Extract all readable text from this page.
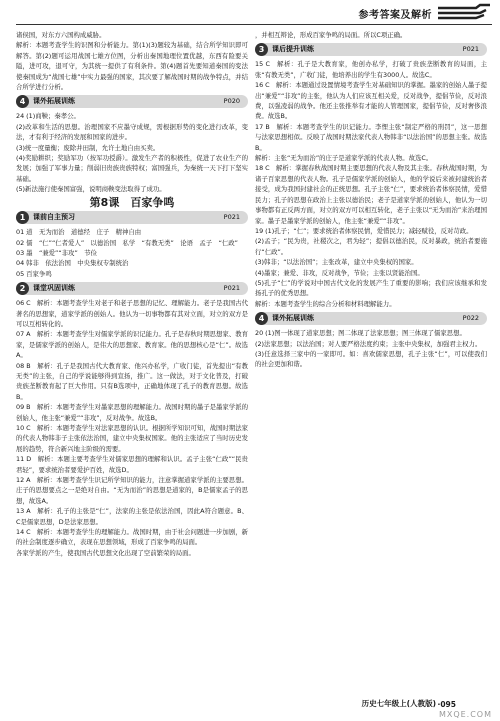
参考答案及解析

诸侯国，对东方六国构成威胁。

解析：本题考查学生的识图和分析能力。第(1)(3)题较为基础，结合所学知识即可解答。第(2)题可运用战国七雄方位图，分析出秦国地理位置优越，东西有险要关隘，进可攻，退可守，为其统一提供了有利条件。第(4)题首先要知道秦国的变法使秦国成为“战国七雄”中实力最强的国家，其次要了解战国时期的战争特点，并结合所学进行分析。

4	课外拓展训练	P020

24 (1)商鞅；秦孝公。

(2)改革和生活的思想。治理国家不应墨守成规，需根据形势的变化进行改革，变法，才有利于经济的发展和国家的进步。

(3)统一度量衡；废除井田制，允许土地自由买卖。

(4)奖励耕织；奖励军功（按军功授爵）。激发生产者的积极性，促进了农业生产的发展；加强了军事力量；削弱旧贵族贵族特权；富国强兵，为秦统一天下打下坚实基础。

(5)新法施行使秦国富强，说明商鞅变法取得了成功。

第8课　百家争鸣
1	课前自主预习	P021

01 道　无为而治　道德经　庄子　精神自由

02 儒　“仁”“仁者爱人”　以德治国　私学　“有教无类”　论语　孟子　“仁政”

03 墨　“兼爱”“非攻”　节俭

04 韩非　依法治国　中央集权专制统治

05 百家争鸣

2	课堂巩固训练	P021

06 C　解析：本题考查学生对老子和老子思想的记忆、理解能力。老子是我国古代著名的思想家，道家学派的创始人。他认为一切事物都有其对立面，对立的双方是可以互相转化的。

07 A　解析：本题考查学生对儒家学派的识记能力。孔子是春秋时期思想家、教育家，是儒家学派的创始人，是伟大的思想家、教育家。他的思想核心是“仁”。故选A。

08 B　解析：孔子是我国古代大教育家、他兴办私学，广收门徒，首先提出“有教无类”的主张，自己的学说能够得到宣扬，推广。这一做法，对于文化普及，打破贵族垄断教育起了巨大作用。只有B选项中，正确地体现了孔子的教育思想。故选B。

09 B　解析：本题考查学生对墨家思想的理解能力。战国时期的墨子是墨家学派的创始人，他主张“兼爱”“非攻”，反对战争。故选B。

10 C　解析：本题考查学生对法家思想的认识。根据所学知识可知，战国时期法家的代表人物韩非子主张依法治国，建立中央集权国家。他的主张适应了当时历史发展的趋势，符合新兴地主阶级的需要。

11 D　解析：本题主要考查学生对儒家思想的理解和认识。孟子主张“仁政”“民贵君轻”，要求统治者要爱护百姓，故选D。

12 A　解析：本题考查学生识记所学知识的能力，注意掌握道家学派的主要思想。庄子的思想要点之一是绝对自由。“无为而治”的思想是道家的，B是儒家孟子的思想，故选A。

13 A　解析：孔子的主张是“仁”，法家的主张是依法治国，因此A符合题意。B、C是儒家思想，D是法家思想。

14 C　解析：本题考查学生的理解能力。战国时期，由于社会问题进一步加剧，新的社会制度逐步确立，表现在思想领域，形成了百家争鸣的局面。

各家学派的产生，使我国古代思想文化出现了空前繁荣的局面。

，并相互辩论，形成百家争鸣的局面。所以C项正确。

3	课后提升训练	P021

15 C　解析：孔子是大教育家，他创办私学，打破了贵族垄断教育的局面，主张“有教无类”，广收门徒，他培养出的学生有3000人。故选C。

16 C　解析：本题通过设置情境考查学生对基础知识的掌握。墨家的创始人墨子提出“兼爱”“非攻”的主张，他认为人们应该互相关爱，反对战争，提倡节俭，反对浪费，以强凌弱的战争。他还主张推举有才能的人管理国家，提倡节俭，反对奢侈浪费。故选B。

17 B　解析：本题考查学生的识记能力。李悝主张“制定严格的刑罚”，这一思想与法家思想相似。反映了战国时期法家代表人物韩非“以法治国”的思想主张。故选B。

解析：主张“无为而治”的庄子是道家学派的代表人物。故选C。

18 C　解析：掌握春秋战国时期主要思想的代表人物及其主张。春秋战国时期，为诸子百家思想的代表人物。孔子是儒家学派的创始人，他的学说后来被封建统治者接受，成为我国封建社会的正统思想。孔子主张“仁”，要求统治者体察民情，爱惜民力；孔子的思想在政治上主张以德治民；老子是道家学派的创始人，他认为一切事物都有正反两方面，对立的双方可以相互转化，老子主张以“无为而治”来治理国家。墨子是墨家学派的创始人，他主张“兼爱”“非攻”。

19 (1)孔子；“仁”；要求统治者体察民情，爱惜民力；减轻赋役，反对苛政。

(2)孟子；“民为贵，社稷次之，君为轻”；提倡以德治民，反对暴政，统治者要施行“仁政”。

(3)韩非；“以法治国”；主张改革，建立中央集权的国家。

(4)墨家；兼爱、非攻，反对战争，节俭；主张以贤能治国。

(5)孔子“仁”的学说对中国古代文化的发展产生了重要的影响；我们应该继承和发扬孔子的优秀思想。

解析：本题考查学生的综合分析和材料理解能力。

4	课外拓展训练	P022

20 (1)图一体现了道家思想；图二体现了法家思想；图三体现了儒家思想。

(2)法家思想；以法治国；对人要严格法度约束；主张中央集权，加强君主权力。

(3)任意选择三家中的一家即可。如：喜欢儒家思想，孔子主张“仁”，可以使我们的社会更加和谐。

历史七年级上(人教版) ·095
MXQE.COM
